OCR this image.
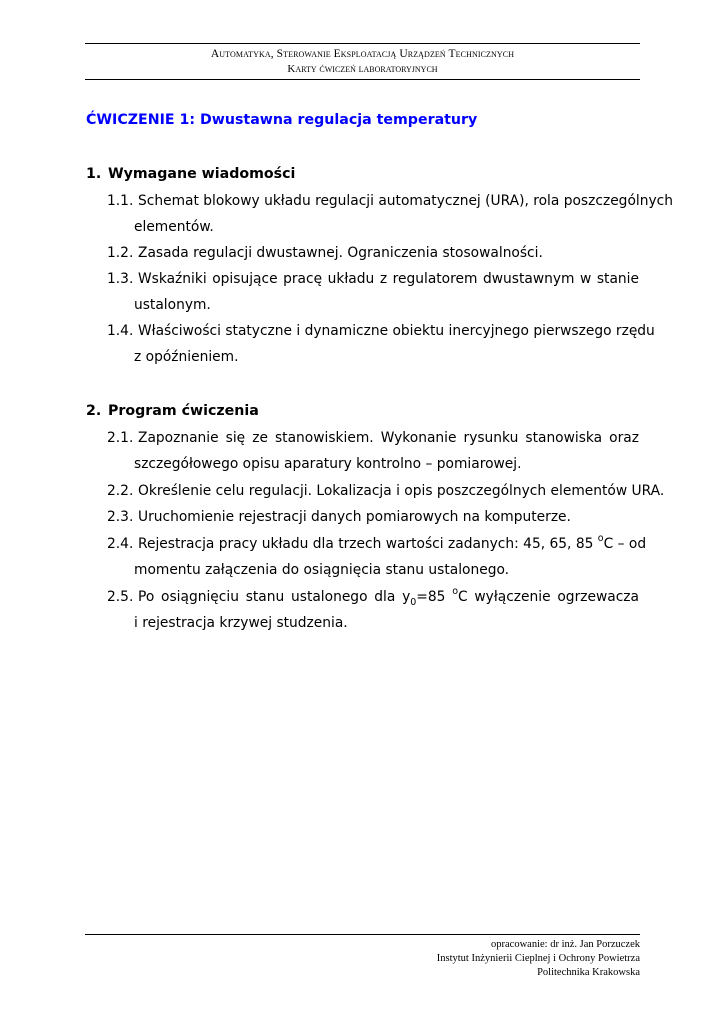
Automatyka, Sterowanie Eksploatacją Urządzeń Technicznych
Karty ćwiczeń laboratoryjnych
ĆWICZENIE 1: Dwustawna regulacja temperatury
1. Wymagane wiadomości
1.1. Schemat blokowy układu regulacji automatycznej (URA), rola poszczególnych
elementów.
1.2. Zasada regulacji dwustawnej. Ograniczenia stosowalności.
1.3. Wskaźniki opisujące pracę układu z regulatorem dwustawnym w stanie
ustalonym.
1.4. Właściwości statyczne i dynamiczne obiektu inercyjnego pierwszego rzędu
z opóźnieniem.
2. Program ćwiczenia
2.1. Zapoznanie się ze stanowiskiem. Wykonanie rysunku stanowiska oraz
szczegółowego opisu aparatury kontrolno – pomiarowej.
2.2. Określenie celu regulacji. Lokalizacja i opis poszczególnych elementów URA.
2.3. Uruchomienie rejestracji danych pomiarowych na komputerze.
2.4. Rejestracja pracy układu dla trzech wartości zadanych: 45, 65, 85 $^o$C – od
momentu załączenia do osiągnięcia stanu ustalonego.
2.5. Po osiągnięciu stanu ustalonego dla $y_0=85$ $^o$C wyłączenie ogrzewacza
i rejestracja krzywej studzenia.
opracowanie: dr inż. Jan Porzuczek
Instytut Inżynierii Cieplnej i Ochrony Powietrza
Politechnika Krakowska
